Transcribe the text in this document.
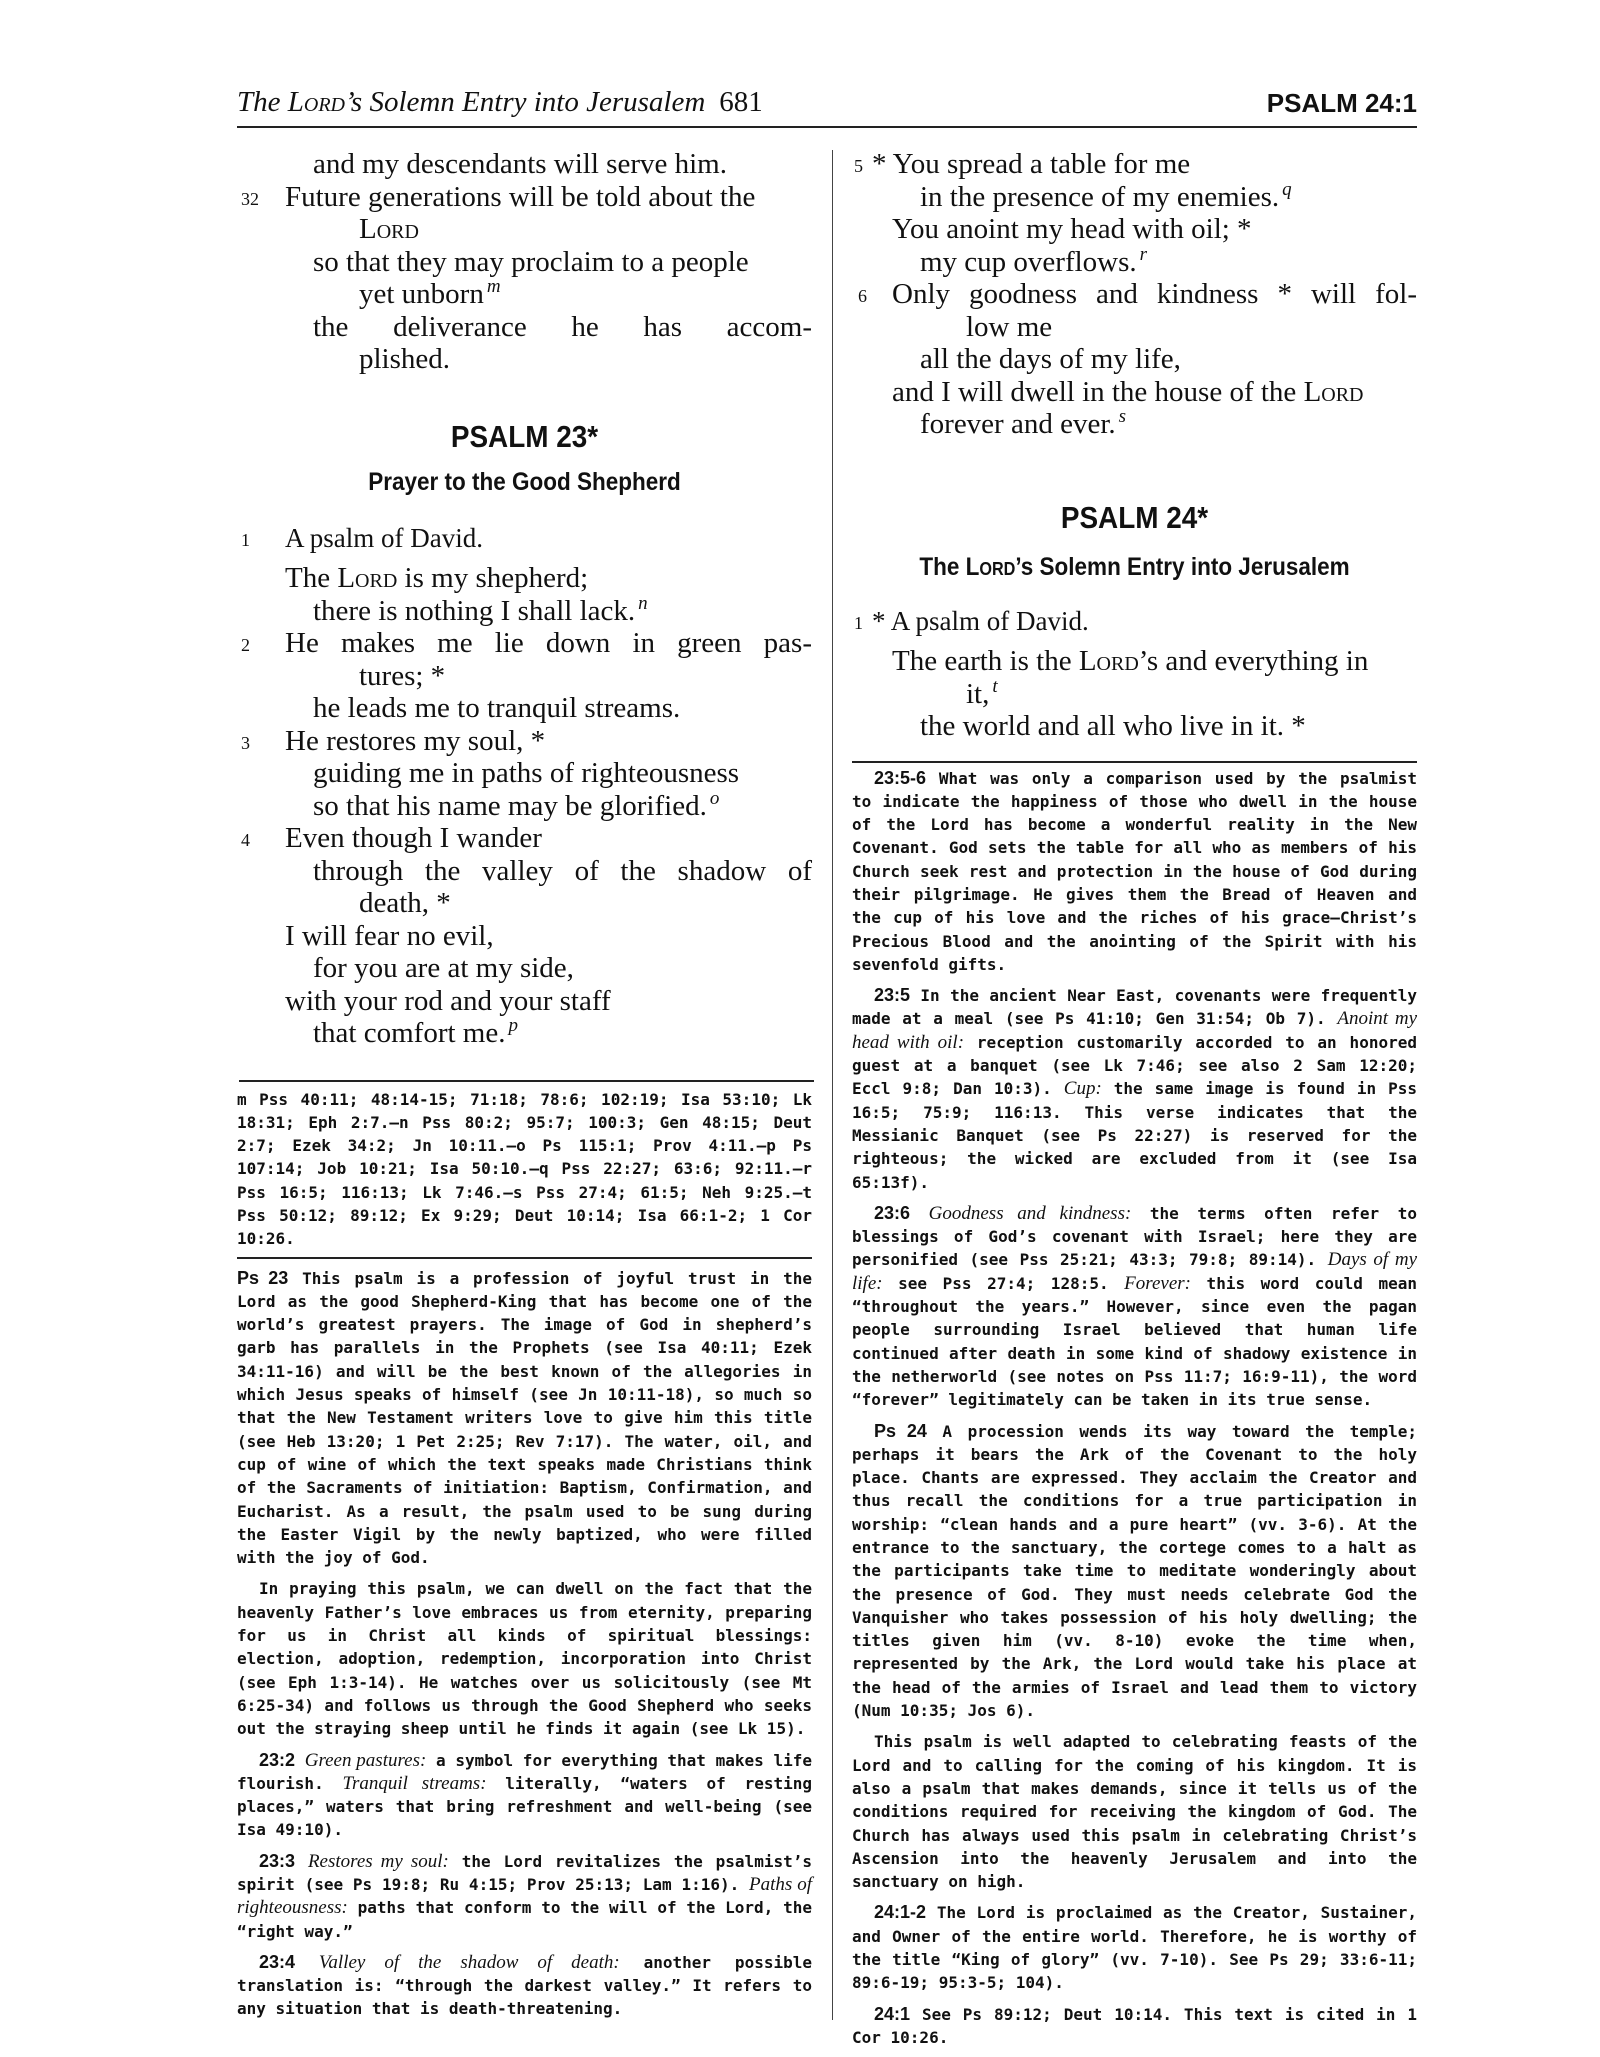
The Lord’s Solemn Entry into Jerusalem 681	PSALM 24:1
and my descendants will serve him.
32 Future generations will be told about the
Lord
so that they may proclaim to a people
yet unborn $^m$
the deliverance he has accom-
plished.
PSALM 23*
Prayer to the Good Shepherd
1 A psalm of David.
The Lord is my shepherd;
there is nothing I shall lack. $^n$
2 He makes me lie down in green pas-
tures; *
he leads me to tranquil streams.
3 He restores my soul, *
guiding me in paths of righteousness
so that his name may be glorified. $^o$
4 Even though I wander
through the valley of the shadow of
death, *
I will fear no evil,
for you are at my side,
with your rod and your staff
that comfort me. $^p$
m Pss 40:11; 48:14-15; 71:18; 78:6; 102:19; Isa 53:10; Lk 18:31; Eph 2:7.—n Pss 80:2; 95:7; 100:3; Gen 48:15; Deut 2:7; Ezek 34:2; Jn 10:11.—o Ps 115:1; Prov 4:11.—p Ps 107:14; Job 10:21; Isa 50:10.—q Pss 22:27; 63:6; 92:11.—r Pss 16:5; 116:13; Lk 7:46.—s Pss 27:4; 61:5; Neh 9:25.—t Pss 50:12; 89:12; Ex 9:29; Deut 10:14; Isa 66:1-2; 1 Cor 10:26.

Ps 23 This psalm is a profession of joyful trust in the Lord as the good Shepherd-King that has become one of the world’s greatest prayers. The image of God in shepherd’s garb has parallels in the Prophets (see Isa 40:11; Ezek 34:11-16) and will be the best known of the allegories in which Jesus speaks of himself (see Jn 10:11-18), so much so that the New Testament writers love to give him this title (see Heb 13:20; 1 Pet 2:25; Rev 7:17). The water, oil, and cup of wine of which the text speaks made Christians think of the Sacraments of initiation: Baptism, Confirmation, and Eucharist. As a result, the psalm used to be sung during the Easter Vigil by the newly baptized, who were filled with the joy of God.

In praying this psalm, we can dwell on the fact that the heavenly Father’s love embraces us from eternity, preparing for us in Christ all kinds of spiritual blessings: election, adoption, redemption, incorporation into Christ (see Eph 1:3-14). He watches over us solicitously (see Mt 6:25-34) and follows us through the Good Shepherd who seeks out the straying sheep until he finds it again (see Lk 15).

23:2 Green pastures: a symbol for everything that makes life flourish. Tranquil streams: literally, “waters of resting places,” waters that bring refreshment and well-being (see Isa 49:10).

23:3 Restores my soul: the Lord revitalizes the psalmist’s spirit (see Ps 19:8; Ru 4:15; Prov 25:13; Lam 1:16). Paths of righteousness: paths that conform to the will of the Lord, the “right way.”

23:4 Valley of the shadow of death: another possible translation is: “through the darkest valley.” It refers to any situation that is death-threatening.

5 * You spread a table for me
in the presence of my enemies. $^q$
You anoint my head with oil; *
my cup overflows. $^r$
6 Only goodness and kindness * will fol-
low me
all the days of my life,
and I will dwell in the house of the Lord
forever and ever. $^s$
PSALM 24*
The Lord’s Solemn Entry into Jerusalem
1 * A psalm of David.
The earth is the Lord’s and everything in
it, $^t$
the world and all who live in it. *

23:5-6 What was only a comparison used by the psalmist to indicate the happiness of those who dwell in the house of the Lord has become a wonderful reality in the New Covenant. God sets the table for all who as members of his Church seek rest and protection in the house of God during their pilgrimage. He gives them the Bread of Heaven and the cup of his love and the riches of his grace—Christ’s Precious Blood and the anointing of the Spirit with his sevenfold gifts.

23:5 In the ancient Near East, covenants were frequently made at a meal (see Ps 41:10; Gen 31:54; Ob 7). Anoint my head with oil: reception customarily accorded to an honored guest at a banquet (see Lk 7:46; see also 2 Sam 12:20; Eccl 9:8; Dan 10:3). Cup: the same image is found in Pss 16:5; 75:9; 116:13. This verse indicates that the Messianic Banquet (see Ps 22:27) is reserved for the righteous; the wicked are excluded from it (see Isa 65:13f).

23:6 Goodness and kindness: the terms often refer to blessings of God’s covenant with Israel; here they are personified (see Pss 25:21; 43:3; 79:8; 89:14). Days of my life: see Pss 27:4; 128:5. Forever: this word could mean “throughout the years.” However, since even the pagan people surrounding Israel believed that human life continued after death in some kind of shadowy existence in the netherworld (see notes on Pss 11:7; 16:9-11), the word “forever” legitimately can be taken in its true sense.

Ps 24 A procession wends its way toward the temple; perhaps it bears the Ark of the Covenant to the holy place. Chants are expressed. They acclaim the Creator and thus recall the conditions for a true participation in worship: “clean hands and a pure heart” (vv. 3-6). At the entrance to the sanctuary, the cortege comes to a halt as the participants take time to meditate wonderingly about the presence of God. They must needs celebrate God the Vanquisher who takes possession of his holy dwelling; the titles given him (vv. 8-10) evoke the time when, represented by the Ark, the Lord would take his place at the head of the armies of Israel and lead them to victory (Num 10:35; Jos 6).

This psalm is well adapted to celebrating feasts of the Lord and to calling for the coming of his kingdom. It is also a psalm that makes demands, since it tells us of the conditions required for receiving the kingdom of God. The Church has always used this psalm in celebrating Christ’s Ascension into the heavenly Jerusalem and into the sanctuary on high.

24:1-2 The Lord is proclaimed as the Creator, Sustainer, and Owner of the entire world. Therefore, he is worthy of the title “King of glory” (vv. 7-10). See Ps 29; 33:6-11; 89:6-19; 95:3-5; 104).

24:1 See Ps 89:12; Deut 10:14. This text is cited in 1 Cor 10:26.
